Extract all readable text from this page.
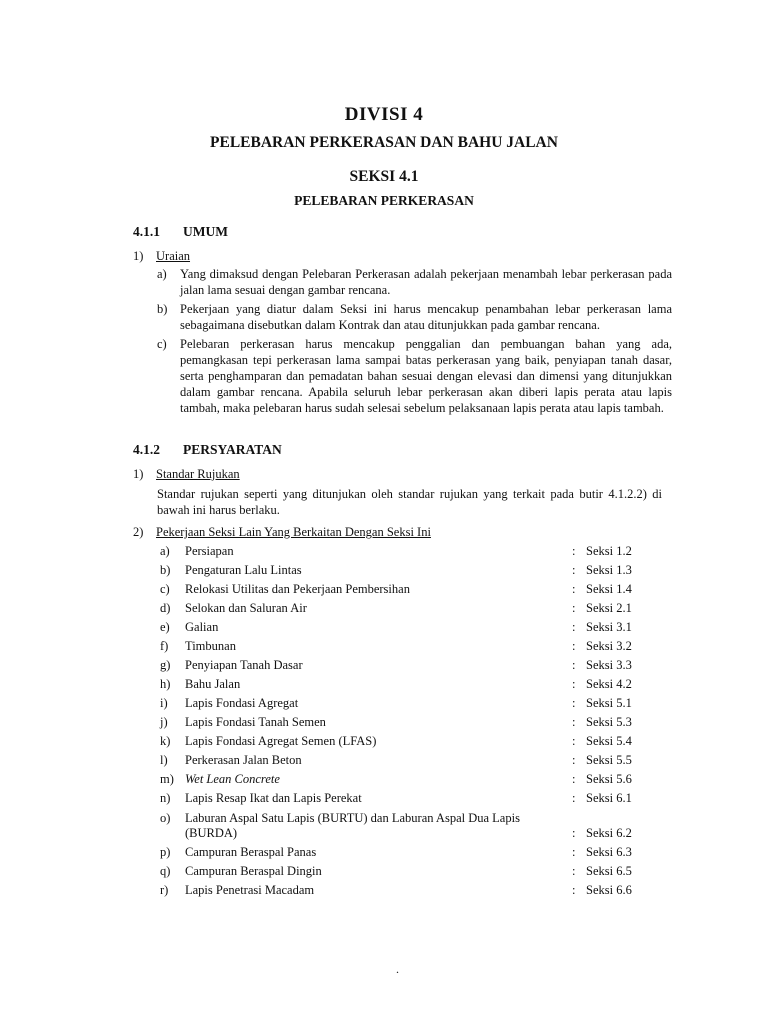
DIVISI 4
PELEBARAN PERKERASAN DAN BAHU JALAN
SEKSI 4.1
PELEBARAN PERKERASAN
4.1.1 UMUM
1) Uraian
a) Yang dimaksud dengan Pelebaran Perkerasan adalah pekerjaan menambah lebar perkerasan pada jalan lama sesuai dengan gambar rencana.
b) Pekerjaan yang diatur dalam Seksi ini harus mencakup penambahan lebar perkerasan lama sebagaimana disebutkan dalam Kontrak dan atau ditunjukkan pada gambar rencana.
c) Pelebaran perkerasan harus mencakup penggalian dan pembuangan bahan yang ada, pemangkasan tepi perkerasan lama sampai batas perkerasan yang baik, penyiapan tanah dasar, serta penghamparan dan pemadatan bahan sesuai dengan elevasi dan dimensi yang ditunjukkan dalam gambar rencana. Apabila seluruh lebar perkerasan akan diberi lapis perata atau lapis tambah, maka pelebaran harus sudah selesai sebelum pelaksanaan lapis perata atau lapis tambah.
4.1.2 PERSYARATAN
1) Standar Rujukan
Standar rujukan seperti yang ditunjukan oleh standar rujukan yang terkait pada butir 4.1.2.2) di bawah ini harus berlaku.
2) Pekerjaan Seksi Lain Yang Berkaitan Dengan Seksi Ini
a) Persiapan	: Seksi 1.2
b) Pengaturan Lalu Lintas	: Seksi 1.3
c) Relokasi Utilitas dan Pekerjaan Pembersihan	: Seksi 1.4
d) Selokan dan Saluran Air	: Seksi 2.1
e) Galian	: Seksi 3.1
f) Timbunan	: Seksi 3.2
g) Penyiapan Tanah Dasar	: Seksi 3.3
h) Bahu Jalan	: Seksi 4.2
i) Lapis Fondasi Agregat	: Seksi 5.1
j) Lapis Fondasi Tanah Semen	: Seksi 5.3
k) Lapis Fondasi Agregat Semen (LFAS)	: Seksi 5.4
l) Perkerasan Jalan Beton	: Seksi 5.5
m) Wet Lean Concrete	: Seksi 5.6
n) Lapis Resap Ikat dan Lapis Perekat	: Seksi 6.1
o) Laburan Aspal Satu Lapis (BURTU) dan Laburan Aspal Dua Lapis (BURDA)	: Seksi 6.2
p) Campuran Beraspal Panas	: Seksi 6.3
q) Campuran Beraspal Dingin	: Seksi 6.5
r) Lapis Penetrasi Macadam	: Seksi 6.6
.
